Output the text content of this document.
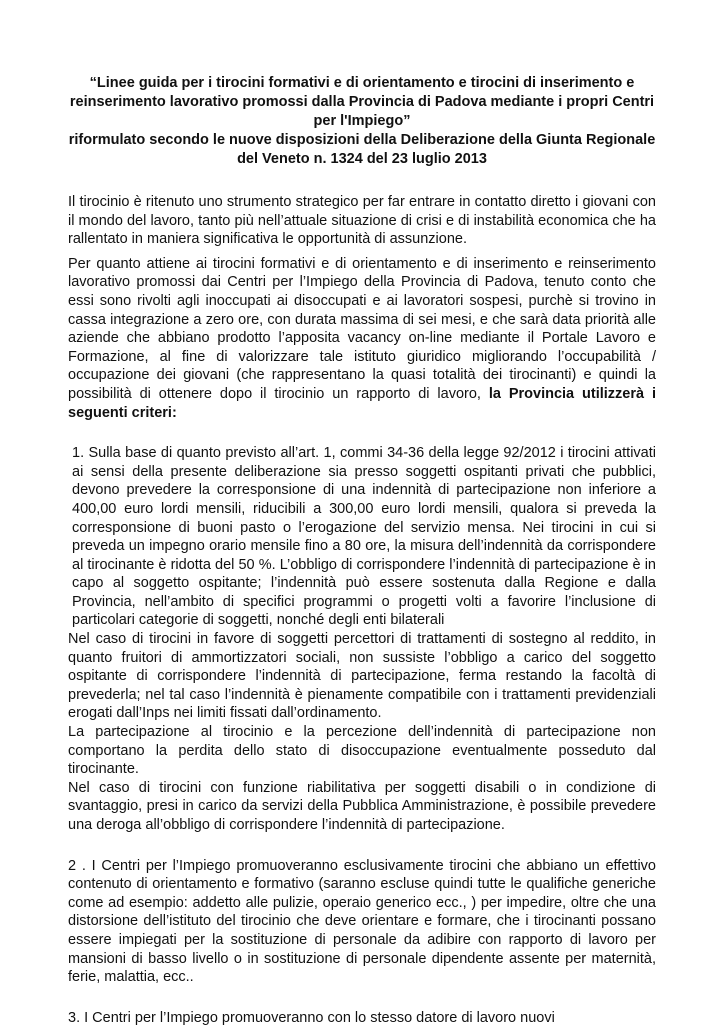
“Linee guida per i tirocini formativi e di orientamento e tirocini di inserimento e reinserimento lavorativo promossi dalla Provincia di Padova mediante i propri Centri per l'Impiego”
riformulato secondo le nuove disposizioni della Deliberazione della Giunta Regionale del Veneto n. 1324 del 23 luglio 2013

Il tirocinio è ritenuto uno strumento strategico per far entrare in contatto diretto i giovani con il mondo del lavoro, tanto più nell’attuale situazione di crisi e di instabilità economica che ha rallentato in maniera significativa le opportunità di assunzione.

Per quanto attiene ai tirocini formativi e di orientamento e di inserimento e reinserimento lavorativo promossi dai Centri per l’Impiego della Provincia di Padova, tenuto conto che essi sono rivolti agli inoccupati ai disoccupati e ai lavoratori sospesi, purchè si trovino in cassa integrazione a zero ore, con durata massima di sei mesi, e che sarà data priorità alle aziende che abbiano prodotto l’apposita vacancy on-line mediante il Portale Lavoro e Formazione, al fine di valorizzare tale istituto giuridico migliorando l’occupabilità / occupazione dei giovani (che rappresentano la quasi totalità dei tirocinanti) e quindi la possibilità di ottenere dopo il tirocinio un rapporto di lavoro, la Provincia utilizzerà i seguenti criteri:

1. Sulla base di quanto previsto all’art. 1, commi 34-36 della legge 92/2012 i tirocini attivati ai sensi della presente deliberazione sia presso soggetti ospitanti privati che pubblici, devono prevedere la corresponsione di una indennità di partecipazione non inferiore a 400,00 euro lordi mensili, riducibili a 300,00 euro lordi mensili, qualora si preveda la corresponsione di buoni pasto o l’erogazione del servizio mensa. Nei tirocini in cui si preveda un impegno orario mensile fino a 80 ore, la misura dell’indennità da corrispondere al tirocinante è ridotta del 50 %. L’obbligo di corrispondere l’indennità di partecipazione è in capo al soggetto ospitante; l’indennità può essere sostenuta dalla Regione e dalla Provincia, nell’ambito di specifici programmi o progetti volti a favorire l’inclusione di particolari categorie di soggetti, nonché degli enti bilaterali

Nel caso di tirocini in favore di soggetti percettori di trattamenti di sostegno al reddito, in quanto fruitori di ammortizzatori sociali, non sussiste l’obbligo a carico del soggetto ospitante di corrispondere l’indennità di partecipazione, ferma restando la facoltà di prevederla; nel tal caso l’indennità è pienamente compatibile con i trattamenti previdenziali erogati dall’Inps nei limiti fissati dall’ordinamento.

La partecipazione al tirocinio e la percezione dell’indennità di partecipazione non comportano la perdita dello stato di disoccupazione eventualmente posseduto dal tirocinante.

Nel caso di tirocini con funzione riabilitativa per soggetti disabili o in condizione di svantaggio, presi in carico da servizi della Pubblica Amministrazione, è possibile prevedere una deroga all’obbligo di corrispondere l’indennità di partecipazione.

2 . I Centri per l’Impiego promuoveranno esclusivamente tirocini che abbiano un effettivo contenuto di orientamento e formativo (saranno escluse quindi tutte le qualifiche generiche come ad esempio: addetto alle pulizie, operaio generico ecc., ) per impedire, oltre che una distorsione dell’istituto del tirocinio che deve orientare e formare, che i tirocinanti possano essere impiegati per la sostituzione di personale da adibire con rapporto di lavoro per mansioni di basso livello o in sostituzione di personale dipendente assente per maternità, ferie, malattia, ecc..

3. I Centri per l’Impiego promuoveranno con lo stesso datore di lavoro nuovi
